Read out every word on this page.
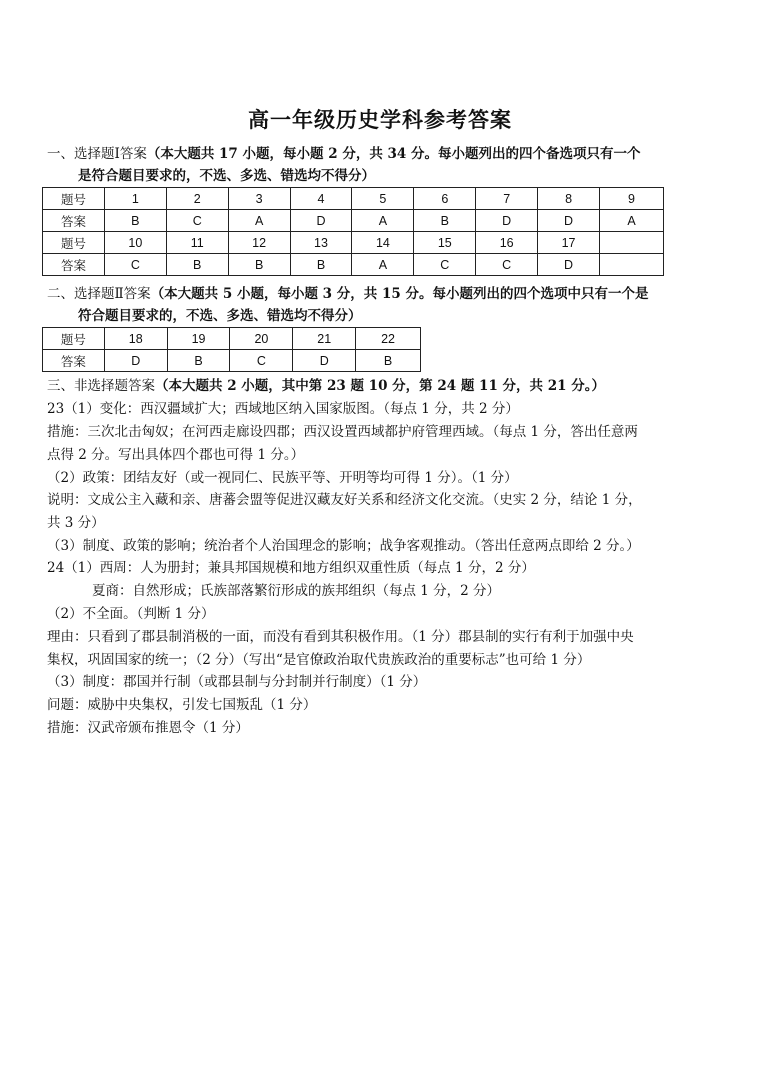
高一年级历史学科参考答案
一、选择题Ⅰ答案（本大题共 17 小题，每小题 2 分，共 34 分。每小题列出的四个备选项只有一个
是符合题目要求的，不选、多选、错选均不得分）
题号	1	2	3	4	5	6	7	8	9
答案	B	C	A	D	A	B	D	D	A
题号	10	11	12	13	14	15	16	17	
答案	C	B	B	B	A	C	C	D	
二、选择题Ⅱ答案（本大题共 5 小题，每小题 3 分，共 15 分。每小题列出的四个选项中只有一个是
符合题目要求的，不选、多选、错选均不得分）
题号	18	19	20	21	22
答案	D	B	C	D	B
三、非选择题答案（本大题共 2 小题，其中第 23 题 10 分，第 24 题 11 分，共 21 分。）
23（1）变化：西汉疆域扩大；西域地区纳入国家版图。（每点 1 分，共 2 分）
措施：三次北击匈奴；在河西走廊设四郡；西汉设置西域都护府管理西域。（每点 1 分，答出任意两
点得 2 分。写出具体四个郡也可得 1 分。）
（2）政策：团结友好（或一视同仁、民族平等、开明等均可得 1 分）。（1 分）
说明：文成公主入藏和亲、唐蕃会盟等促进汉藏友好关系和经济文化交流。（史实 2 分，结论 1 分，
共 3 分）
（3）制度、政策的影响；统治者个人治国理念的影响；战争客观推动。（答出任意两点即给 2 分。）
24（1）西周：人为册封；兼具邦国规模和地方组织双重性质（每点 1 分，2 分）
夏商：自然形成；氏族部落繁衍形成的族邦组织（每点 1 分，2 分）
（2）不全面。（判断 1 分）
理由：只看到了郡县制消极的一面，而没有看到其积极作用。（1 分）郡县制的实行有利于加强中央
集权，巩固国家的统一；（2 分）（写出“是官僚政治取代贵族政治的重要标志”也可给 1 分）
（3）制度：郡国并行制（或郡县制与分封制并行制度）（1 分）
问题：威胁中央集权，引发七国叛乱（1 分）
措施：汉武帝颁布推恩令（1 分）
